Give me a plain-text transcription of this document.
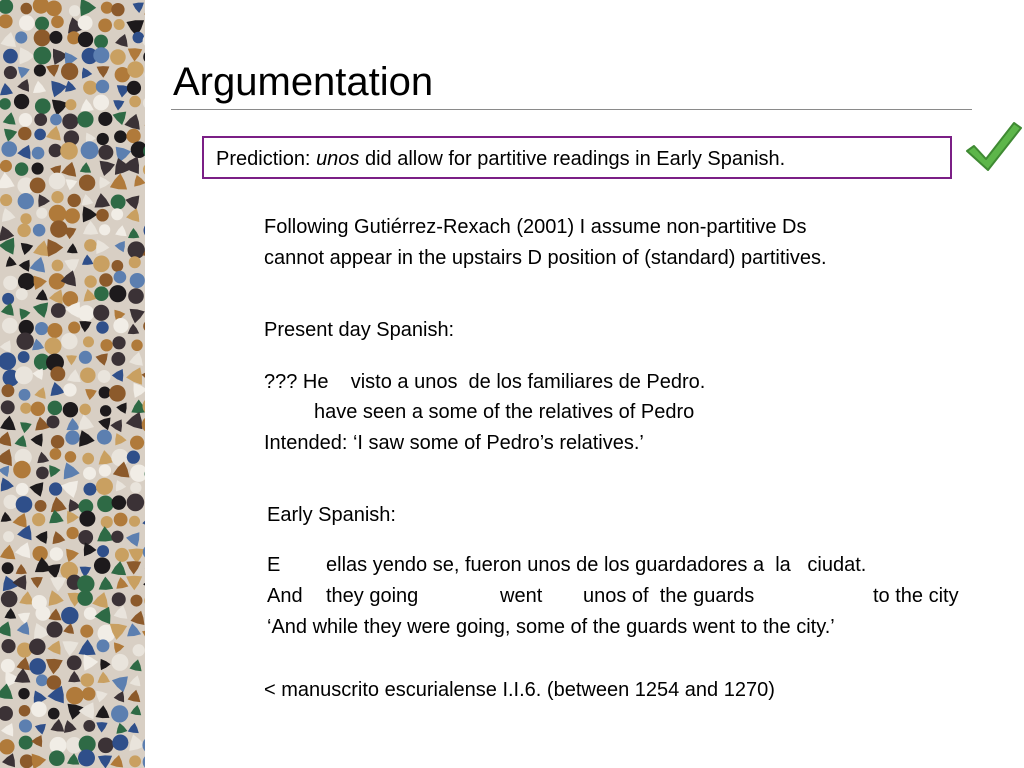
Argumentation
Prediction: unos did allow for partitive readings in Early Spanish.
Following Gutiérrez-Rexach (2001) I assume non-partitive Ds
cannot appear in the upstairs D position of (standard) partitives.
Present day Spanish:
??? He    visto a unos  de los familiares de Pedro.
have seen a some of the relatives of Pedro
Intended: ‘I saw some of Pedro’s relatives.’
Early Spanish:
E ellas yendo se, fueron unos de los guardadores a  la   ciudat.
And they going	went unos of  the guards	to the city
‘And while they were going, some of the guards went to the city.’
< manuscrito escurialense I.I.6. (between 1254 and 1270)
